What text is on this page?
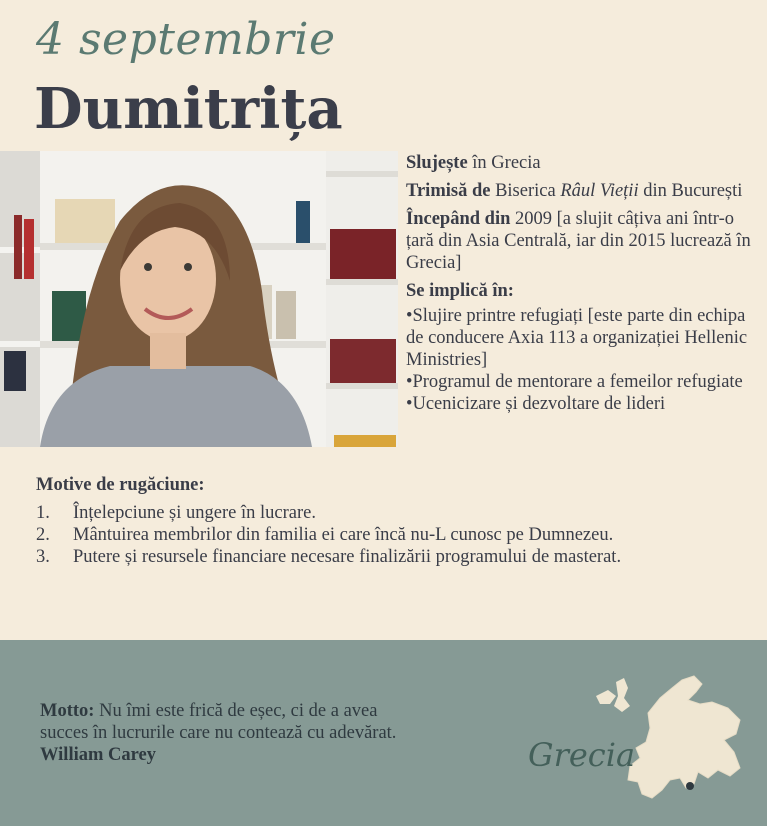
4 septembrie
Dumitrița

Slujește în Grecia

Trimisă de Biserica Râul Vieții din București

Începând din 2009 [a slujit câțiva ani într-o țară din Asia Centrală, iar din 2015 lucrează în Grecia]

Se implică în:

•Slujire printre refugiați [este parte din echipa de conducere Axia 113 a organizației Hellenic Ministries]
•Programul de mentorare a femeilor refugiate
•Ucenicizare și dezvoltare de lideri
Motive de rugăciune:
1. Înțelepciune și ungere în lucrare.
2. Mântuirea membrilor din familia ei care încă nu-L cunosc pe Dumnezeu.
3. Putere și resursele financiare necesare finalizării programului de masterat.
Motto: Nu îmi este frică de eșec, ci de a avea succes în lucrurile care nu contează cu adevărat. William Carey	Grecia
